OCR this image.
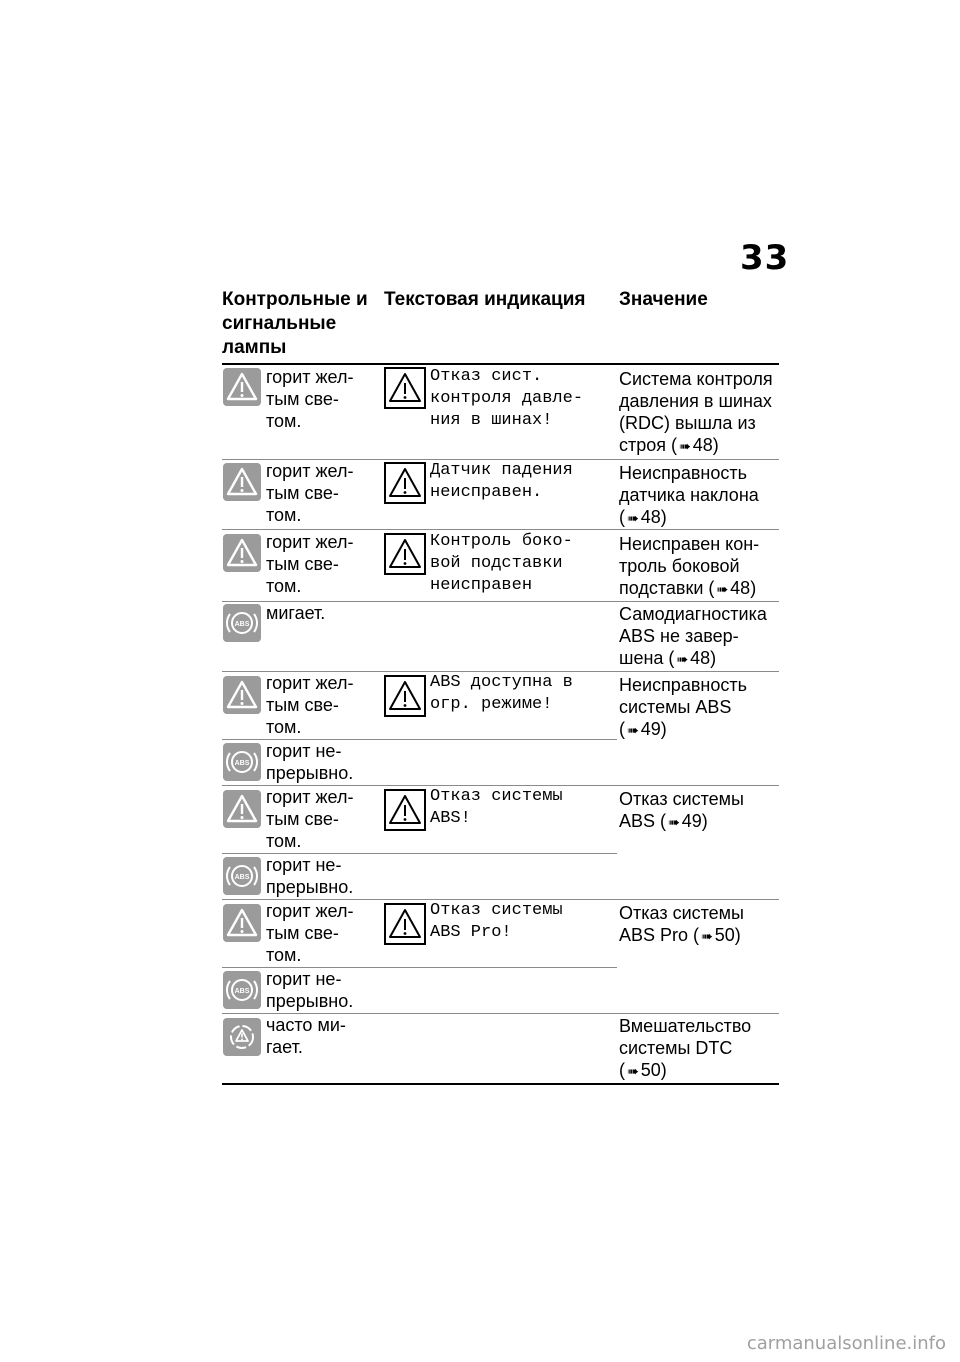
33
Контрольные и сигнальные лампы
Текстовая индикация	Значение
горит жел-
тым све-
том.
Отказ сист.
контроля давле-
ния в шинах!
Система контроля
давления в шинах
(RDC) вышла из
строя ( ➠ 48)
горит жел-
тым све-
том.
Датчик падения
неисправен.
Неисправность
датчика наклона
( ➠ 48)
горит жел-
тым све-
том.
Контроль боко-
вой подставки
неисправен
Неисправен кон-
троль боковой
подставки ( ➠ 48)
мигает.	Самодиагностика
ABS не завер-
шена ( ➠ 48)
горит жел-
тым све-
том.
ABS доступна в
огр. режиме!
Неисправность
системы ABS
( ➠ 49)
горит не-
прерывно.
горит жел-
тым све-
том.
Отказ системы
ABS!
Отказ системы
ABS ( ➠ 49)
горит не-
прерывно.
горит жел-
тым све-
том.
Отказ системы
ABS Pro!
Отказ системы
ABS Pro ( ➠ 50)
горит не-
прерывно.
часто ми-
гает.
Вмешательство
системы DTC
( ➠ 50)
carmanualsonline.info
